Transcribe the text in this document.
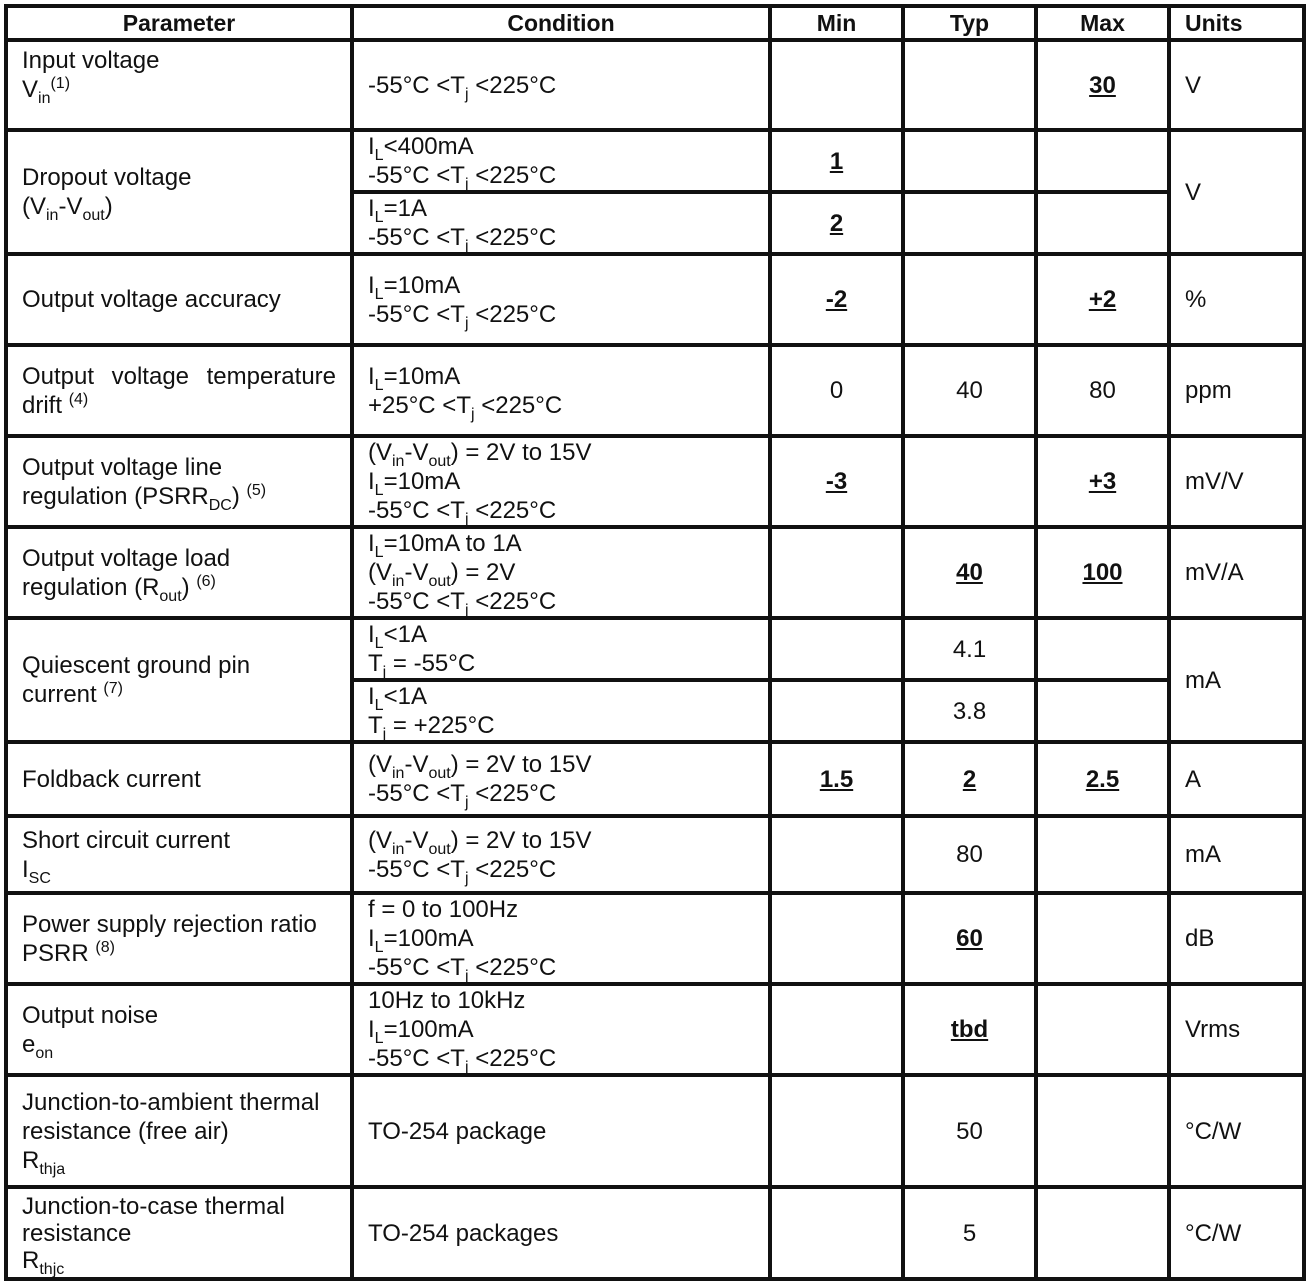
Parameter	Condition	Min	Typ	Max	Units

Input voltage
$V_{in}^{(1)}$	$-55^\circ C <T_j <225^\circ C$			30	V

Dropout voltage
$(V_{in}-V_{out})$	$I_L<400mA$
$-55^\circ C <T_j <225^\circ C$	1			V

	$I_L=1A$
$-55^\circ C <T_j <225^\circ C$	2			
Output voltage accuracy	$I_L=10mA$
$-55^\circ C <T_j <225^\circ C$	-2		+2	%

Output voltage temperature
drift $^{(4)}$	$I_L=10mA$
$+25^\circ C <T_j <225^\circ C$	0	40	80	ppm

Output voltage line
regulation $(PSRR_{DC})$ $^{(5)}$	$(V_{in}-V_{out}) = 2V$ to 15V
$I_L=10mA$
$-55^\circ C <T_j <225^\circ C$	-3		+3	mV/V

Output voltage load
regulation $(R_{out})$ $^{(6)}$	$I_L=10mA$ to 1A
$(V_{in}-V_{out}) = 2V$
$-55^\circ C <T_j <225^\circ C$		40	100	mV/A

Quiescent ground pin
current $^{(7)}$	$I_L<1A$
$T_j = -55^\circ C$		4.1		mA

	$I_L<1A$
$T_j = +225^\circ C$		3.8		
Foldback current	$(V_{in}-V_{out}) = 2V$ to 15V
$-55^\circ C <T_j <225^\circ C$	1.5	2	2.5	A

Short circuit current
$I_{SC}$	$(V_{in}-V_{out}) = 2V$ to 15V
$-55^\circ C <T_j <225^\circ C$		80		mA

Power supply rejection ratio
PSRR $^{(8)}$	f = 0 to 100Hz
$I_L=100mA$
$-55^\circ C <T_j <225^\circ C$		60		dB

Output noise
$e_{on}$	10Hz to 10kHz
$I_L=100mA$
$-55^\circ C <T_j <225^\circ C$		tbd		Vrms

Junction-to-ambient thermal
resistance (free air)
$R_{thja}$	TO-254 package		50		°C/W

Junction-to-case thermal
resistance
$R_{thjc}$	TO-254 packages		5		°C/W
